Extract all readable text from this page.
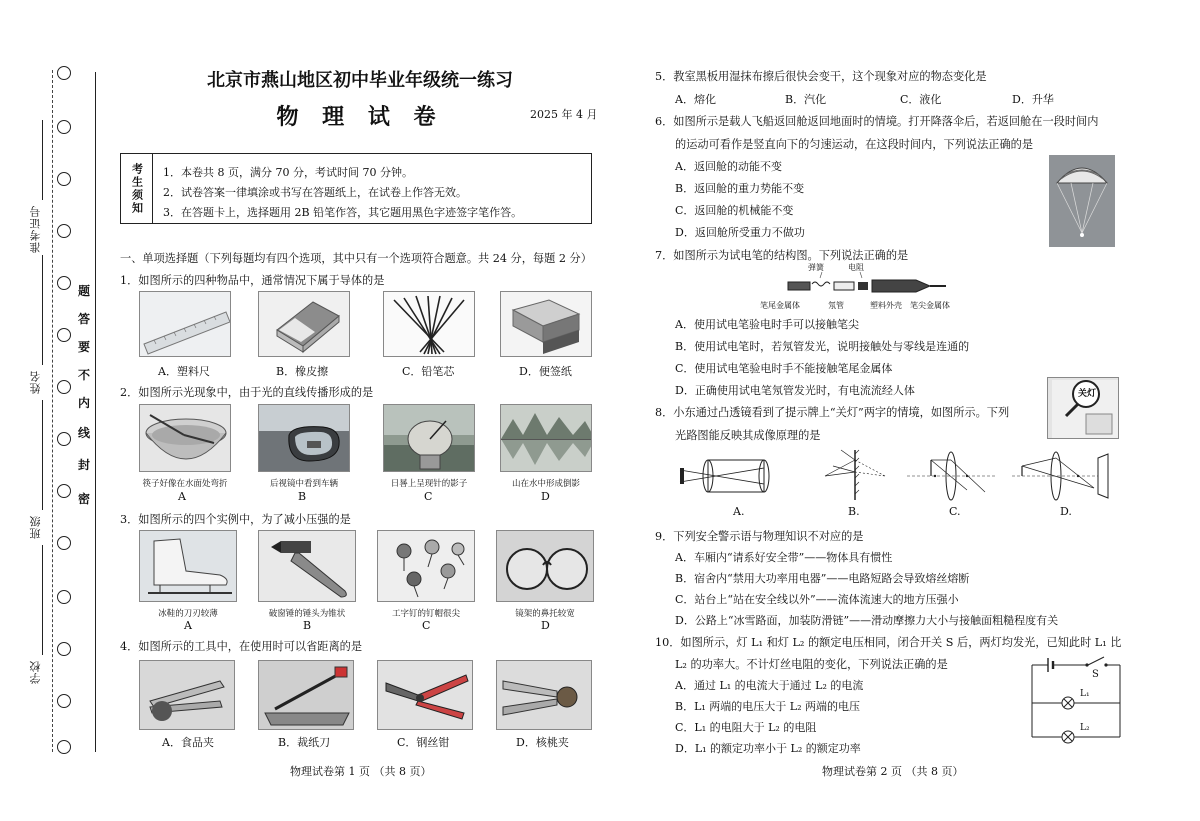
准考证号
姓名
班级
学校
密
封
线
内
不
要
答
题
北京市燕山地区初中毕业年级统一练习
物 理 试 卷	2025 年 4 月
考生须知 1．本卷共 8 页，满分 70 分，考试时间 70 分钟。
2．试卷答案一律填涂或书写在答题纸上，在试卷上作答无效。
3．在答题卡上，选择题用 2B 铅笔作答，其它题用黑色字迹签字笔作答。
一、单项选择题（下列每题均有四个选项，其中只有一个选项符合题意。共 24 分，每题 2 分）
1．如图所示的四种物品中，通常情况下属于导体的是
A．塑料尺	B．橡皮擦	C．铅笔芯	D．便签纸
2．如图所示光现象中，由于光的直线传播形成的是
筷子好像在水面处弯折	后视镜中看到车辆	日晷上呈现针的影子	山在水中形成倒影
A	B	C	D
3．如图所示的四个实例中，为了减小压强的是
冰鞋的刀刃较薄	破窗锤的锤头为锥状	工字钉的钉帽很尖	镜架的鼻托较宽
A	B	C	D
4．如图所示的工具中，在使用时可以省距离的是
A．食品夹	B．裁纸刀	C．钢丝钳	D．核桃夹
物理试卷第 1 页 （共 8 页）
5．教室黑板用湿抹布擦后很快会变干，这个现象对应的物态变化是
A．熔化	B．汽化	C．液化	D．升华
6．如图所示是载人飞船返回舱返回地面时的情境。打开降落伞后，若返回舱在一段时间内
的运动可看作是竖直向下的匀速运动，在这段时间内，下列说法正确的是
A．返回舱的动能不变
B．返回舱的重力势能不变
C．返回舱的机械能不变
D．返回舱所受重力不做功
7．如图所示为试电笔的结构图。下列说法正确的是
弹簧	电阻
笔尾金属体	氖管	塑料外壳 笔尖金属体
A．使用试电笔验电时手可以接触笔尖
B．使用试电笔时，若氖管发光，说明接触处与零线是连通的
C．使用试电笔验电时手不能接触笔尾金属体
D．正确使用试电笔氖管发光时，有电流流经人体
8．小东通过凸透镜看到了提示牌上“关灯”两字的情境，如图所示。下列
光路图能反映其成像原理的是
关灯
A.	B.	C.	D.
9．下列安全警示语与物理知识不对应的是
A．车厢内“请系好安全带”——物体具有惯性
B．宿舍内“禁用大功率用电器”——电路短路会导致熔丝熔断
C．站台上“站在安全线以外”——流体流速大的地方压强小
D．公路上“冰雪路面，加装防滑链”——滑动摩擦力大小与接触面粗糙程度有关
10．如图所示，灯 L₁ 和灯 L₂ 的额定电压相同，闭合开关 S 后，两灯均发光，已知此时 L₁ 比
L₂ 的功率大。不计灯丝电阻的变化，下列说法正确的是
A．通过 L₁ 的电流大于通过 L₂ 的电流
B．L₁ 两端的电压大于 L₂ 两端的电压
C．L₁ 的电阻大于 L₂ 的电阻
D．L₁ 的额定功率小于 L₂ 的额定功率
S
L₁
L₂
物理试卷第 2 页 （共 8 页）
